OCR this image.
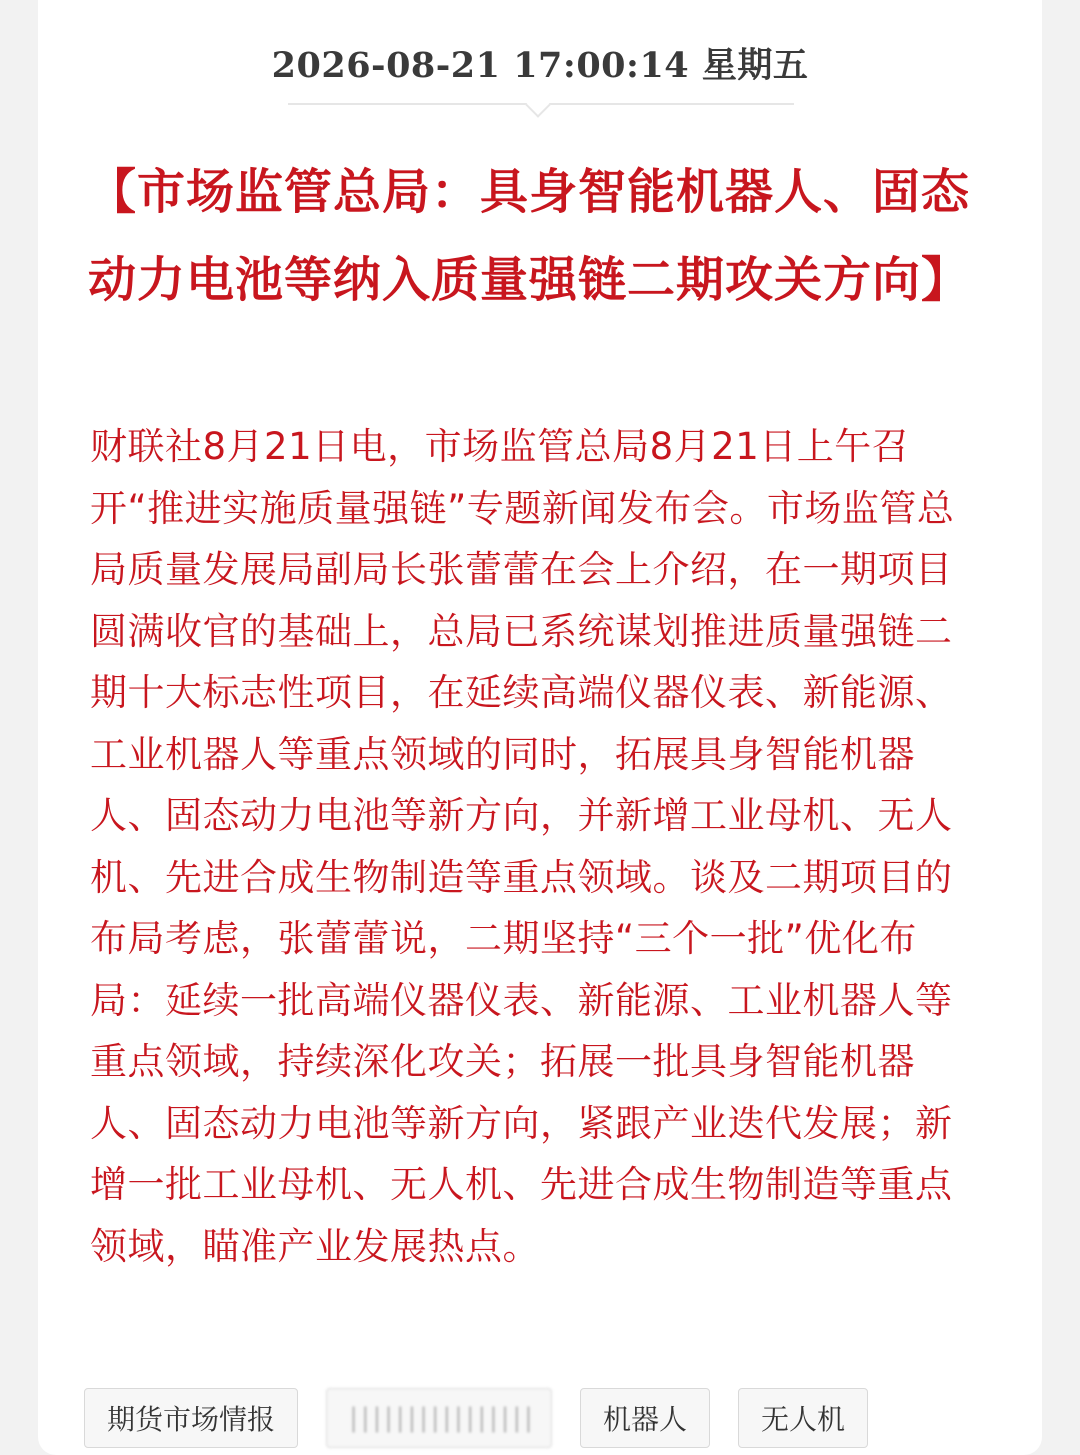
2026-08-21 17:00:14 星期五
【市场监管总局：具身智能机器人、固态动力电池等纳入质量强链二期攻关方向】

财联社8月21日电，市场监管总局8月21日上午召开“推进实施质量强链”专题新闻发布会。市场监管总局质量发展局副局长张蕾蕾在会上介绍，在一期项目圆满收官的基础上，总局已系统谋划推进质量强链二期十大标志性项目，在延续高端仪器仪表、新能源、工业机器人等重点领域的同时，拓展具身智能机器人、固态动力电池等新方向，并新增工业母机、无人机、先进合成生物制造等重点领域。谈及二期项目的布局考虑，张蕾蕾说，二期坚持“三个一批”优化布局：延续一批高端仪器仪表、新能源、工业机器人等重点领域，持续深化攻关；拓展一批具身智能机器人、固态动力电池等新方向，紧跟产业迭代发展；新增一批工业母机、无人机、先进合成生物制造等重点领域，瞄准产业发展热点。

期货市场情报	||||||||||||||||	机器人	无人机
